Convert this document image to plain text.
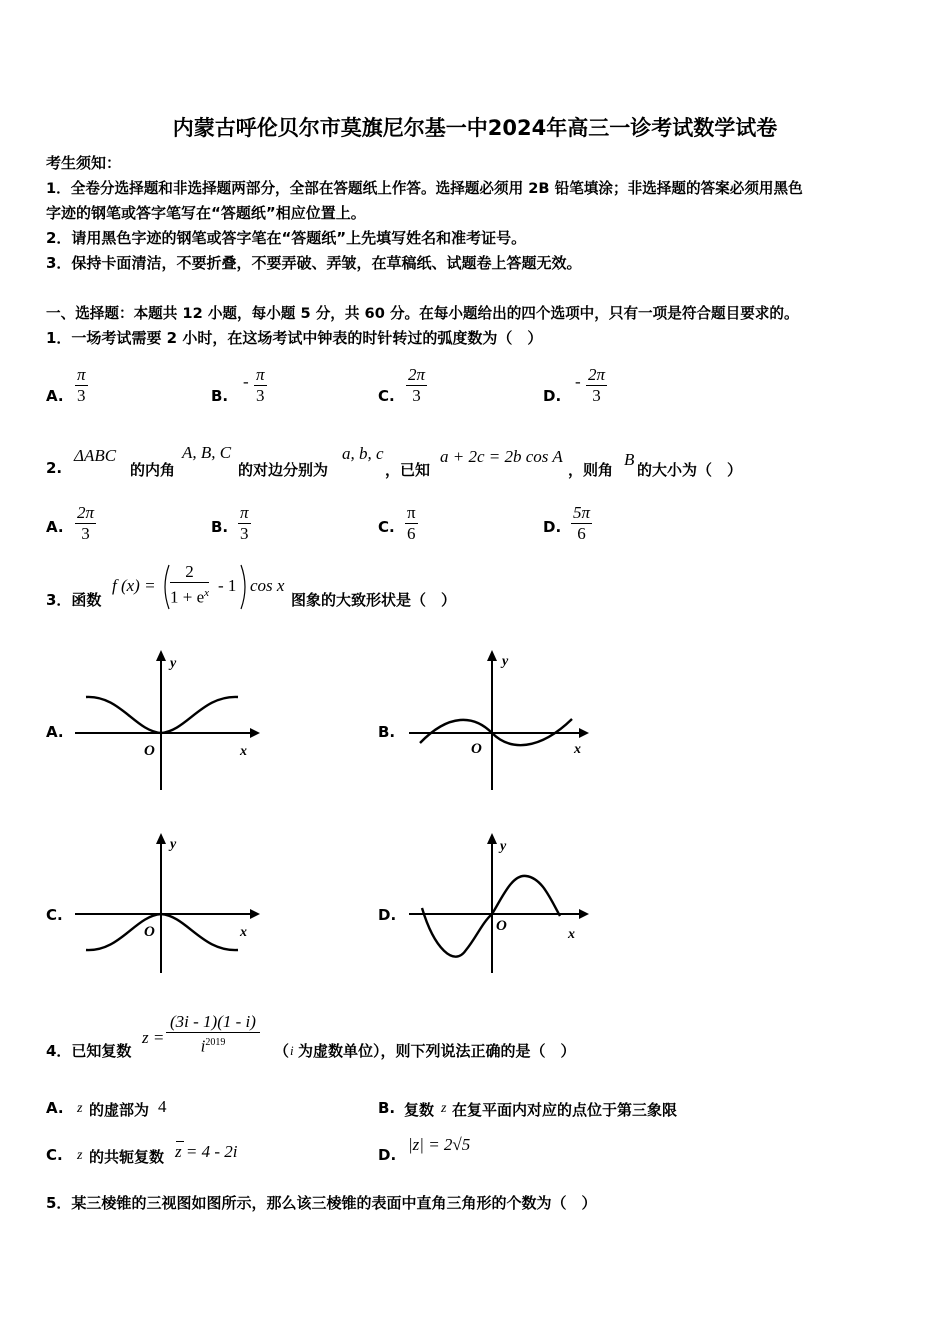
内蒙古呼伦贝尔市莫旗尼尔基一中2024年高三一诊考试数学试卷
考生须知：
1．全卷分选择题和非选择题两部分，全部在答题纸上作答。选择题必须用 2B 铅笔填涂；非选择题的答案必须用黑色
字迹的钢笔或答字笔写在“答题纸”相应位置上。
2．请用黑色字迹的钢笔或答字笔在“答题纸”上先填写姓名和准考证号。
3．保持卡面清洁，不要折叠，不要弄破、弄皱，在草稿纸、试题卷上答题无效。
一、选择题：本题共 12 小题，每小题 5 分，共 60 分。在每小题给出的四个选项中，只有一项是符合题目要求的。
1．一场考试需要 2 小时，在这场考试中钟表的时针转过的弧度数为（　）
A. $\frac{\pi}{3}$	B.
- $\frac{\pi}{3}$	C. $\frac{2\pi}{3}$	D.
- $\frac{2\pi}{3}$
2.
ΔABC
的内角
A, B, C
的对边分别为
a, b, c
，已知
a + 2c = 2b cos A
，则角
B
的大小为（　）
A. $\frac{2\pi}{3}$	B. $\frac{\pi}{3}$	C. $\frac{\pi}{6}$	D. $\frac{5\pi}{6}$
3．函数
f $(x) = \frac{2}{1 + e^x} - 1$ cos x
图象的大致形状是（　）
A.	B.
C.	D.
y
x
O
y
x
O
y
x
O
y
x
O
4．已知复数
$z = \frac{(3i - 1)(1 - i)}{i^{2019}}$ （ i 为虚数单位），则下列说法正确的是（　）
A. z 的虚部为 4	B. 复数 z 在复平面内对应的点位于第三象限
C. z 的共轭复数 z = 4 - 2i	D.
|z| = 2√5
5．某三棱锥的三视图如图所示，那么该三棱锥的表面中直角三角形的个数为（　）
